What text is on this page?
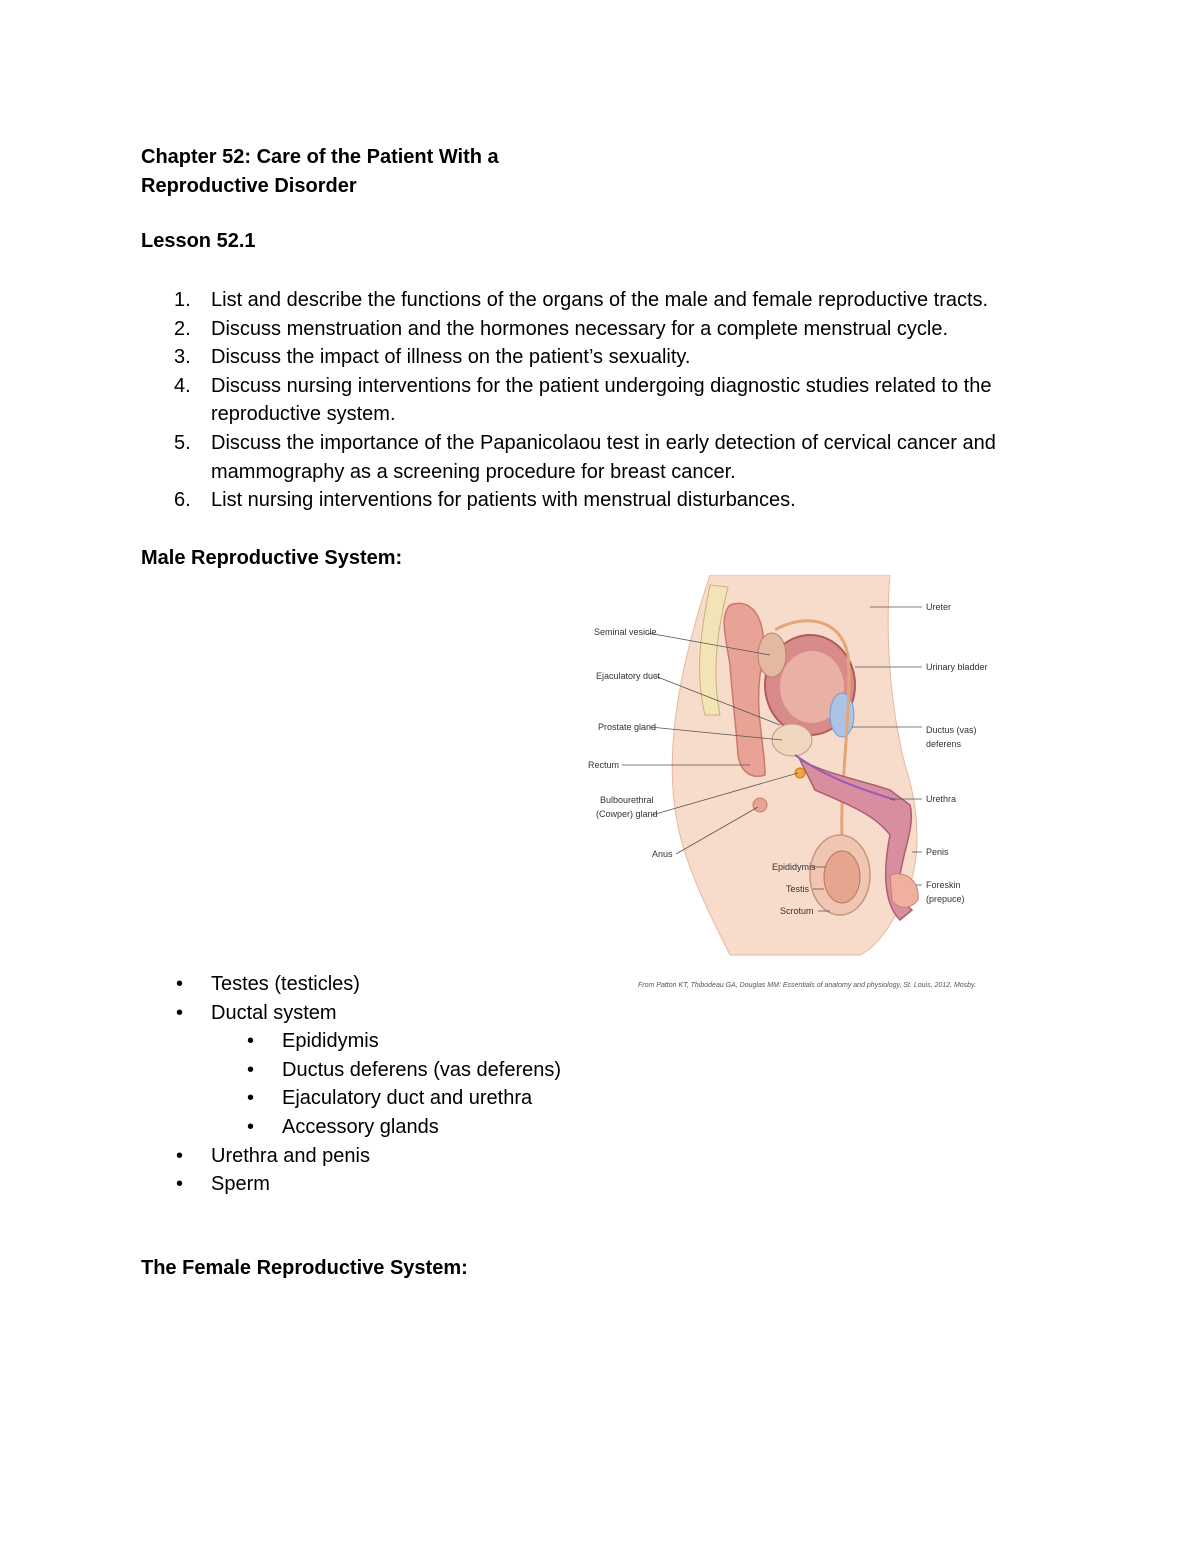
Chapter 52: Care of the Patient With a
Reproductive Disorder
Lesson 52.1
1. List and describe the functions of the organs of the male and female reproductive tracts.
2. Discuss menstruation and the hormones necessary for a complete menstrual cycle.
3. Discuss the impact of illness on the patient’s sexuality.
4. Discuss nursing interventions for the patient undergoing diagnostic studies related to the reproductive system.
5. Discuss the importance of the Papanicolaou test in early detection of cervical cancer and mammography as a screening procedure for breast cancer.
6. List nursing interventions for patients with menstrual disturbances.
Male Reproductive System:
Ureter
Urinary bladder
Ductus (vas)
deferens
Urethra
Penis
Foreskin
(prepuce)
Seminal vesicle
Ejaculatory duct
Prostate gland
Rectum
Bulbourethral
(Cowper) gland
Anus
Epididymis
Testis
Scrotum
From Patton KT, Thibodeau GA, Douglas MM: Essentials of anatomy and physiology, St. Louis, 2012, Mosby.
• Testes (testicles)
• Ductal system
• Epididymis
• Ductus deferens (vas deferens)
• Ejaculatory duct and urethra
• Accessory glands
• Urethra and penis
• Sperm
The Female Reproductive System:
